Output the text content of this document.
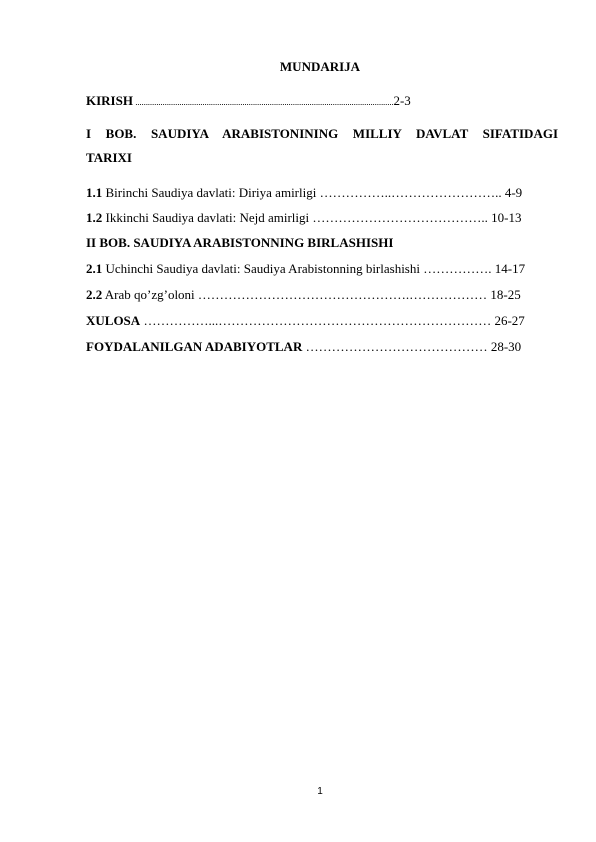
MUNDARIJA
KIRISH ...........................................................................................................................2-3
I BOB. SAUDIYA ARABISTONINING MILLIY DAVLAT SIFATIDAGI
TARIXI
1.1 Birinchi Saudiya davlati: Diriya amirligi ……………..…………………….. 4-9
1.2 Ikkinchi Saudiya davlati: Nejd amirligi ………………………………….. 10-13
II BOB. SAUDIYA ARABISTONNING BIRLASHISHI
2.1 Uchinchi Saudiya davlati: Saudiya Arabistonning birlashishi ……………. 14-17
2.2 Arab qo’zg’oloni ………………………………………….……………… 18-25
XULOSA ……………...……………………………………………………… 26-27
FOYDALANILGAN ADABIYOTLAR …………………………………… 28-30
1
